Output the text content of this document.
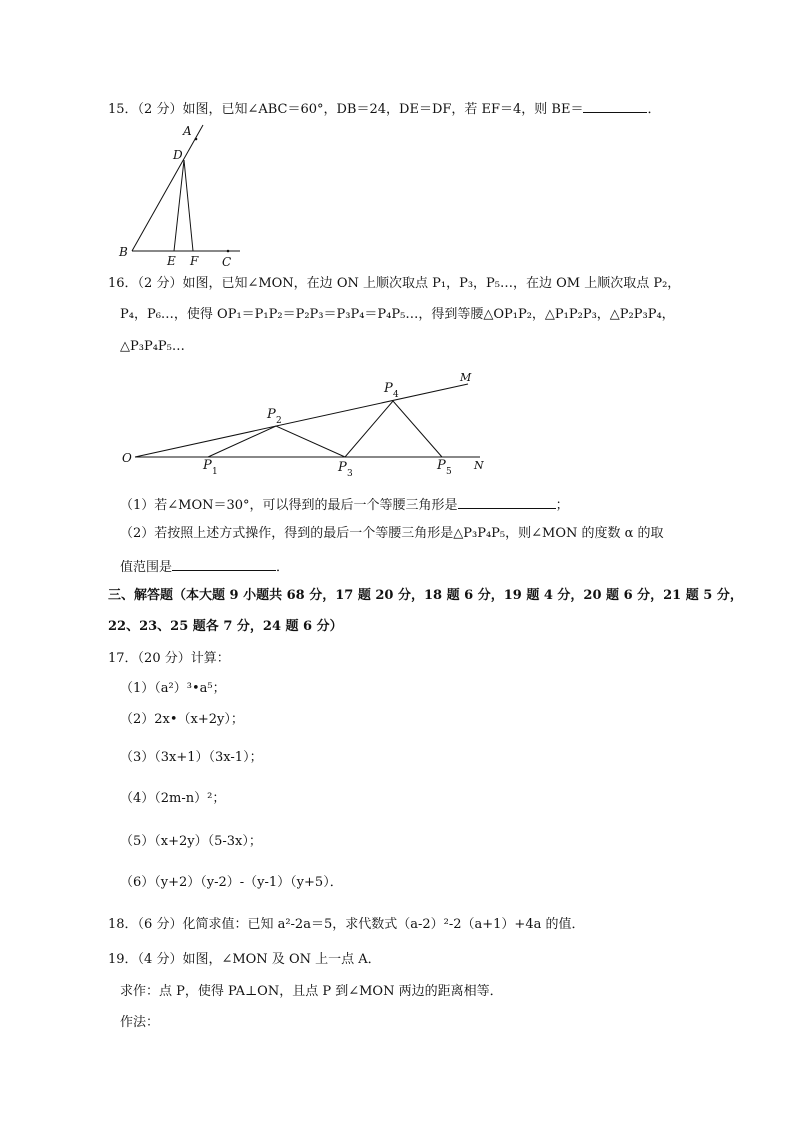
15．（2 分）如图，已知∠ABC＝60°，DB＝24，DE＝DF，若 EF＝4，则 BE＝	．
A
D
B
E F C
16．（2 分）如图，已知∠MON，在边 ON 上顺次取点 P₁，P₃，P₅…，在边 OM 上顺次取点 P₂，
P₄，P₆…，使得 OP₁＝P₁P₂＝P₂P₃＝P₃P₄＝P₄P₅…，得到等腰△OP₁P₂，△P₁P₂P₃，△P₂P₃P₄，
△P₃P₄P₅…
O
M
N
P 1
P 2
P 3
P 4
P 5
（1）若∠MON＝30°，可以得到的最后一个等腰三角形是	；
（2）若按照上述方式操作，得到的最后一个等腰三角形是△P₃P₄P₅，则∠MON 的度数 α 的取
值范围是	．
三、解答题（本大题 9 小题共 68 分，17 题 20 分，18 题 6 分，19 题 4 分，20 题 6 分，21 题 5 分，
22、23、25 题各 7 分，24 题 6 分）
17．（20 分）计算：
（1）（a²）³•a⁵；
（2）2x•（x+2y）；
（3）（3x+1）（3x-1）；
（4）（2m-n）²；
（5）（x+2y）（5-3x）；
（6）（y+2）（y-2）-（y-1）（y+5）．
18．（6 分）化简求值：已知 a²-2a＝5，求代数式（a-2）²-2（a+1）+4a 的值．
19．（4 分）如图，∠MON 及 ON 上一点 A．
求作：点 P，使得 PA⊥ON，且点 P 到∠MON 两边的距离相等．
作法：
